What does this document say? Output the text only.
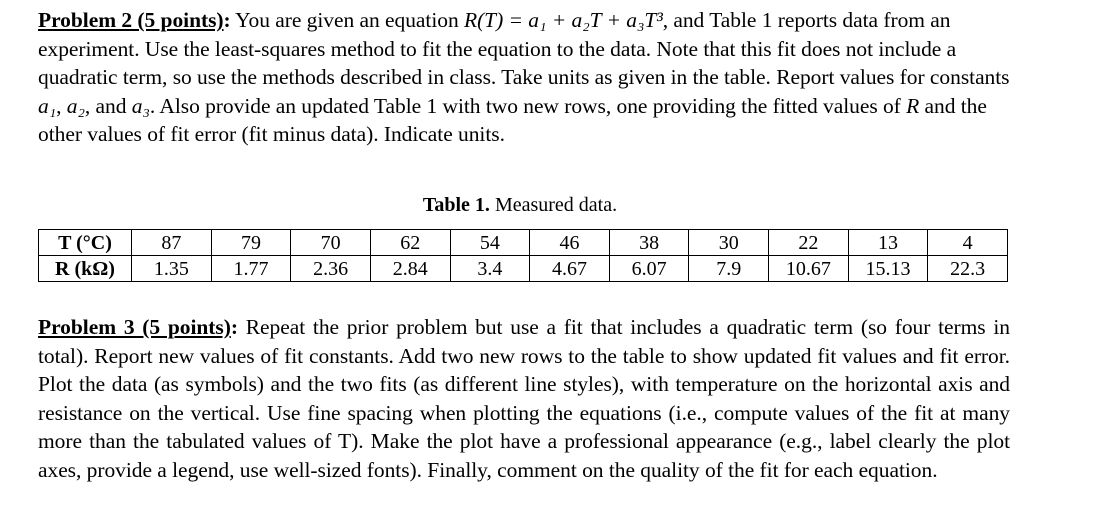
Problem 2 (5 points): You are given an equation R(T) = a₁ + a₂T + a₃T³, and Table 1 reports data from an experiment. Use the least-squares method to fit the equation to the data. Note that this fit does not include a quadratic term, so use the methods described in class. Take units as given in the table. Report values for constants a₁, a₂, and a₃. Also provide an updated Table 1 with two new rows, one providing the fitted values of R and the other values of fit error (fit minus data). Indicate units.
Table 1. Measured data.
T (°C)	87	79	70	62	54	46	38	30	22	13	4
R (kΩ)	1.35	1.77	2.36	2.84	3.4	4.67	6.07	7.9	10.67	15.13	22.3
Problem 3 (5 points): Repeat the prior problem but use a fit that includes a quadratic term (so four terms in total). Report new values of fit constants. Add two new rows to the table to show updated fit values and fit error. Plot the data (as symbols) and the two fits (as different line styles), with temperature on the horizontal axis and resistance on the vertical. Use fine spacing when plotting the equations (i.e., compute values of the fit at many more than the tabulated values of T). Make the plot have a professional appearance (e.g., label clearly the plot axes, provide a legend, use well-sized fonts). Finally, comment on the quality of the fit for each equation.
